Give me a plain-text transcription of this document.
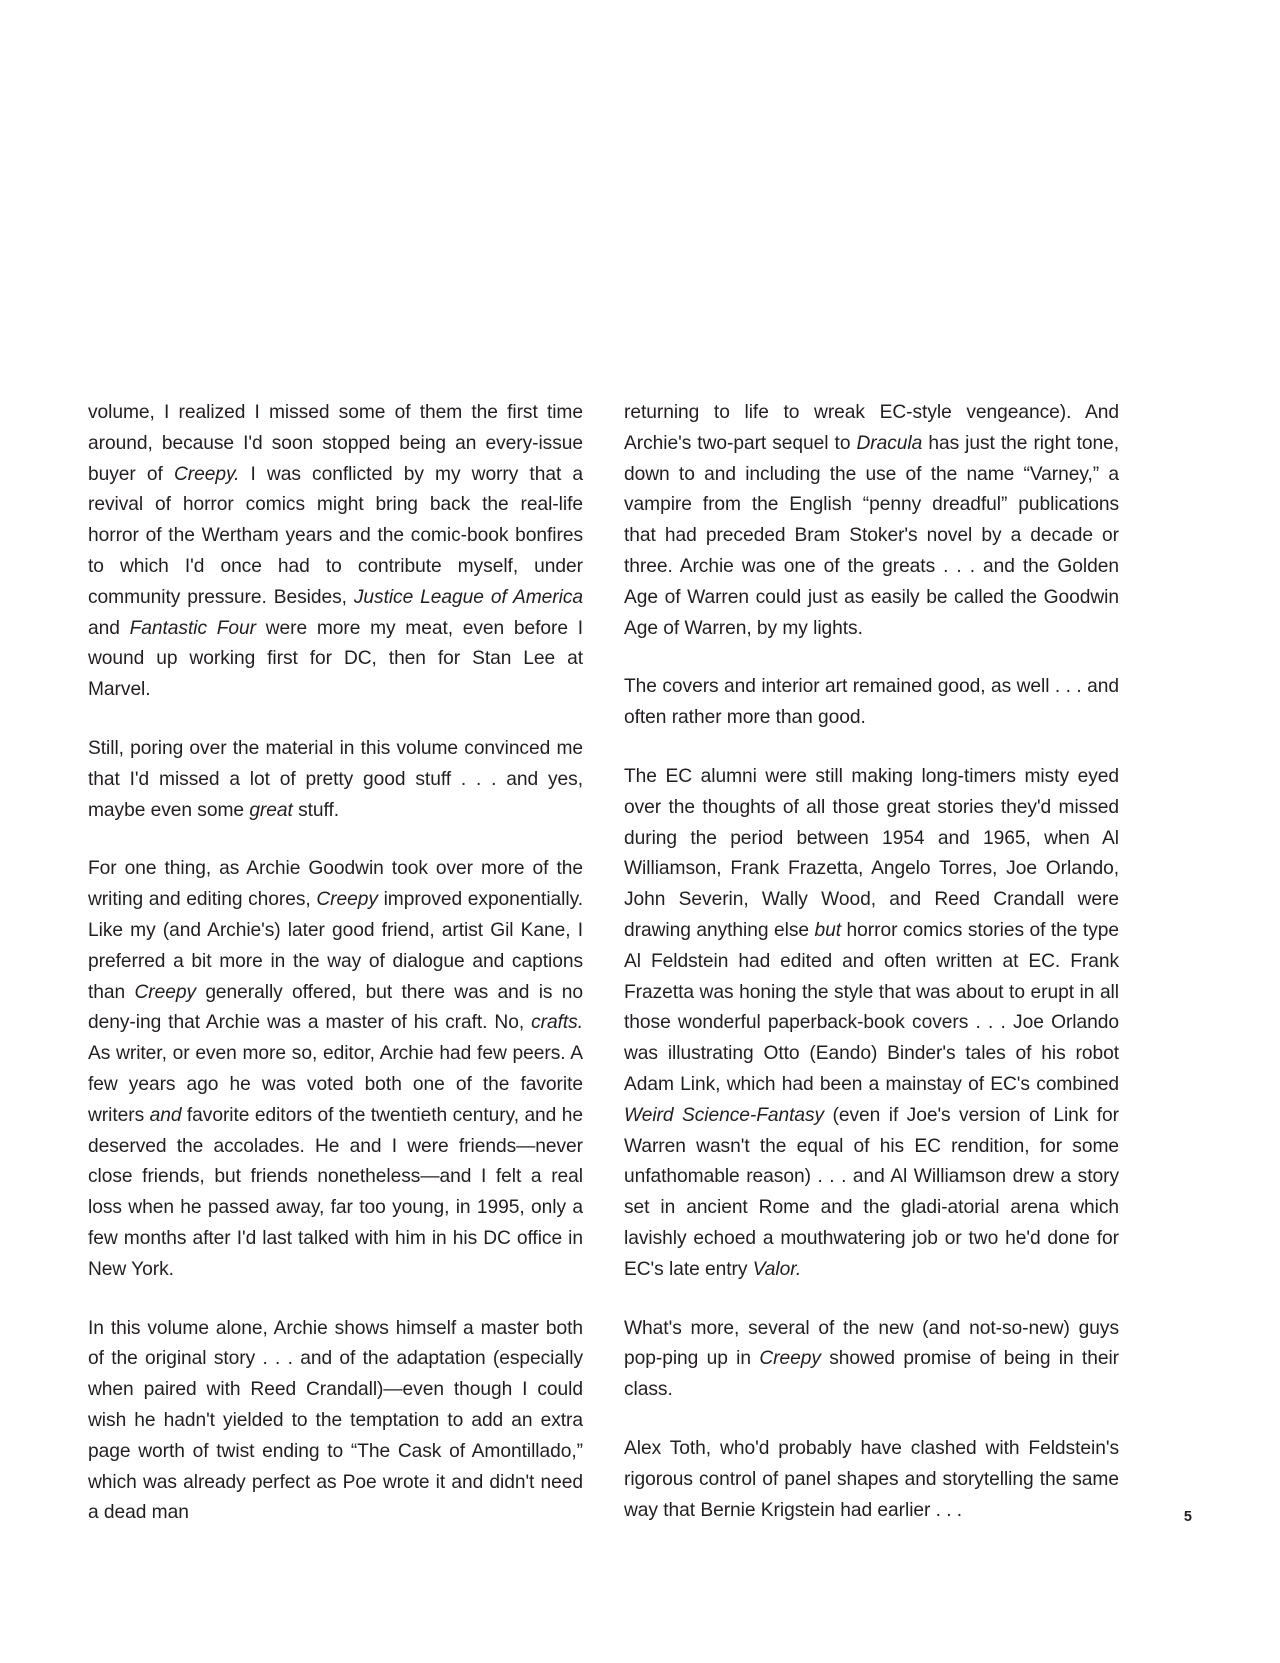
volume, I realized I missed some of them the first time around, because I'd soon stopped being an every-issue buyer of Creepy. I was conflicted by my worry that a revival of horror comics might bring back the real-life horror of the Wertham years and the comic-book bonfires to which I'd once had to contribute myself, under community pressure. Besides, Justice League of America and Fantastic Four were more my meat, even before I wound up working first for DC, then for Stan Lee at Marvel.

Still, poring over the material in this volume convinced me that I'd missed a lot of pretty good stuff . . . and yes, maybe even some great stuff.

For one thing, as Archie Goodwin took over more of the writing and editing chores, Creepy improved exponentially. Like my (and Archie's) later good friend, artist Gil Kane, I preferred a bit more in the way of dialogue and captions than Creepy generally offered, but there was and is no deny-ing that Archie was a master of his craft. No, crafts. As writer, or even more so, editor, Archie had few peers. A few years ago he was voted both one of the favorite writers and favorite editors of the twentieth century, and he deserved the accolades. He and I were friends—never close friends, but friends nonetheless—and I felt a real loss when he passed away, far too young, in 1995, only a few months after I'd last talked with him in his DC office in New York.

In this volume alone, Archie shows himself a master both of the original story . . . and of the adaptation (especially when paired with Reed Crandall)—even though I could wish he hadn't yielded to the temptation to add an extra page worth of twist ending to “The Cask of Amontillado,” which was already perfect as Poe wrote it and didn't need a dead man

returning to life to wreak EC-style vengeance). And Archie's two-part sequel to Dracula has just the right tone, down to and including the use of the name “Varney,” a vampire from the English “penny dreadful” publications that had preceded Bram Stoker's novel by a decade or three. Archie was one of the greats . . . and the Golden Age of Warren could just as easily be called the Goodwin Age of Warren, by my lights.

The covers and interior art remained good, as well . . . and often rather more than good.

The EC alumni were still making long-timers misty eyed over the thoughts of all those great stories they'd missed during the period between 1954 and 1965, when Al Williamson, Frank Frazetta, Angelo Torres, Joe Orlando, John Severin, Wally Wood, and Reed Crandall were drawing anything else but horror comics stories of the type Al Feldstein had edited and often written at EC. Frank Frazetta was honing the style that was about to erupt in all those wonderful paperback-book covers . . . Joe Orlando was illustrating Otto (Eando) Binder's tales of his robot Adam Link, which had been a mainstay of EC's combined Weird Science-Fantasy (even if Joe's version of Link for Warren wasn't the equal of his EC rendition, for some unfathomable reason) . . . and Al Williamson drew a story set in ancient Rome and the gladi-atorial arena which lavishly echoed a mouthwatering job or two he'd done for EC's late entry Valor.

What's more, several of the new (and not-so-new) guys pop-ping up in Creepy showed promise of being in their class.

Alex Toth, who'd probably have clashed with Feldstein's rigorous control of panel shapes and storytelling the same way that Bernie Krigstein had earlier . . .	5
